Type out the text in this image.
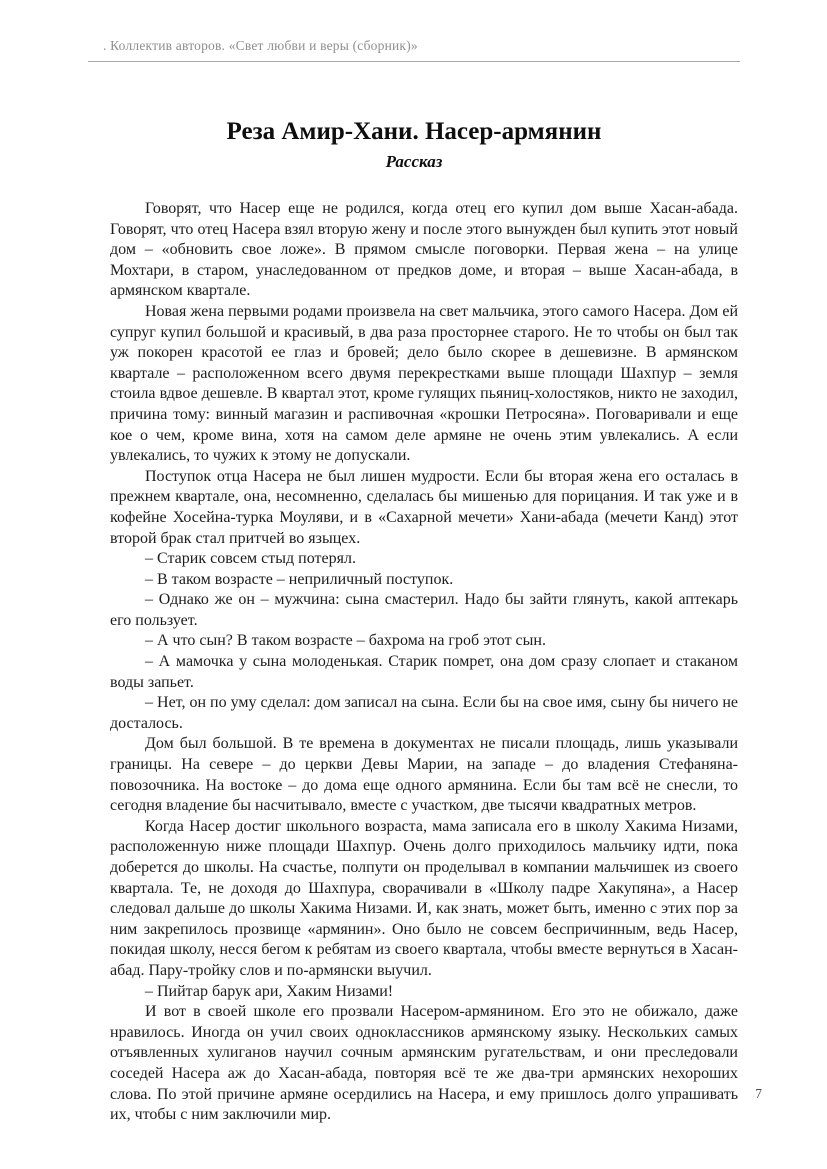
. Коллектив авторов. «Свет любви и веры (сборник)»
Реза Амир-Хани. Насер-армянин
Рассказ

Говорят, что Насер еще не родился, когда отец его купил дом выше Хасан-абада. Говорят, что отец Насера взял вторую жену и после этого вынужден был купить этот новый дом – «обновить свое ложе». В прямом смысле поговорки. Первая жена – на улице Мохтари, в старом, унаследованном от предков доме, и вторая – выше Хасан-абада, в армянском квартале.

Новая жена первыми родами произвела на свет мальчика, этого самого Насера. Дом ей супруг купил большой и красивый, в два раза просторнее старого. Не то чтобы он был так уж покорен красотой ее глаз и бровей; дело было скорее в дешевизне. В армянском квартале – расположенном всего двумя перекрестками выше площади Шахпур – земля стоила вдвое дешевле. В квартал этот, кроме гулящих пьяниц-холостяков, никто не заходил, причина тому: винный магазин и распивочная «крошки Петросяна». Поговаривали и еще кое о чем, кроме вина, хотя на самом деле армяне не очень этим увлекались. А если увлекались, то чужих к этому не допускали.

Поступок отца Насера не был лишен мудрости. Если бы вторая жена его осталась в прежнем квартале, она, несомненно, сделалась бы мишенью для порицания. И так уже и в кофейне Хосейна-турка Моуляви, и в «Сахарной мечети» Хани-абада (мечети Канд) этот второй брак стал притчей во языцех.

– Старик совсем стыд потерял.

– В таком возрасте – неприличный поступок.

– Однако же он – мужчина: сына смастерил. Надо бы зайти глянуть, какой аптекарь его пользует.

– А что сын? В таком возрасте – бахрома на гроб этот сын.

– А мамочка у сына молоденькая. Старик помрет, она дом сразу слопает и стаканом воды запьет.

– Нет, он по уму сделал: дом записал на сына. Если бы на свое имя, сыну бы ничего не досталось.

Дом был большой. В те времена в документах не писали площадь, лишь указывали границы. На севере – до церкви Девы Марии, на западе – до владения Стефаняна-повозочника. На востоке – до дома еще одного армянина. Если бы там всё не снесли, то сегодня владение бы насчитывало, вместе с участком, две тысячи квадратных метров.

Когда Насер достиг школьного возраста, мама записала его в школу Хакима Низами, расположенную ниже площади Шахпур. Очень долго приходилось мальчику идти, пока доберется до школы. На счастье, полпути он проделывал в компании мальчишек из своего квартала. Те, не доходя до Шахпура, сворачивали в «Школу падре Хакупяна», а Насер следовал дальше до школы Хакима Низами. И, как знать, может быть, именно с этих пор за ним закрепилось прозвище «армянин». Оно было не совсем беспричинным, ведь Насер, покидая школу, несся бегом к ребятам из своего квартала, чтобы вместе вернуться в Хасан-абад. Пару-тройку слов и по-армянски выучил.

– Пийтар барук ари, Хаким Низами!

И вот в своей школе его прозвали Насером-армянином. Его это не обижало, даже нравилось. Иногда он учил своих одноклассников армянскому языку. Нескольких самых отъявленных хулиганов научил сочным армянским ругательствам, и они преследовали соседей Насера аж до Хасан-абада, повторяя всё те же два-три армянских нехороших слова. По этой причине армяне осердились на Насера, и ему пришлось долго упрашивать их, чтобы с ним заключили мир.

7
